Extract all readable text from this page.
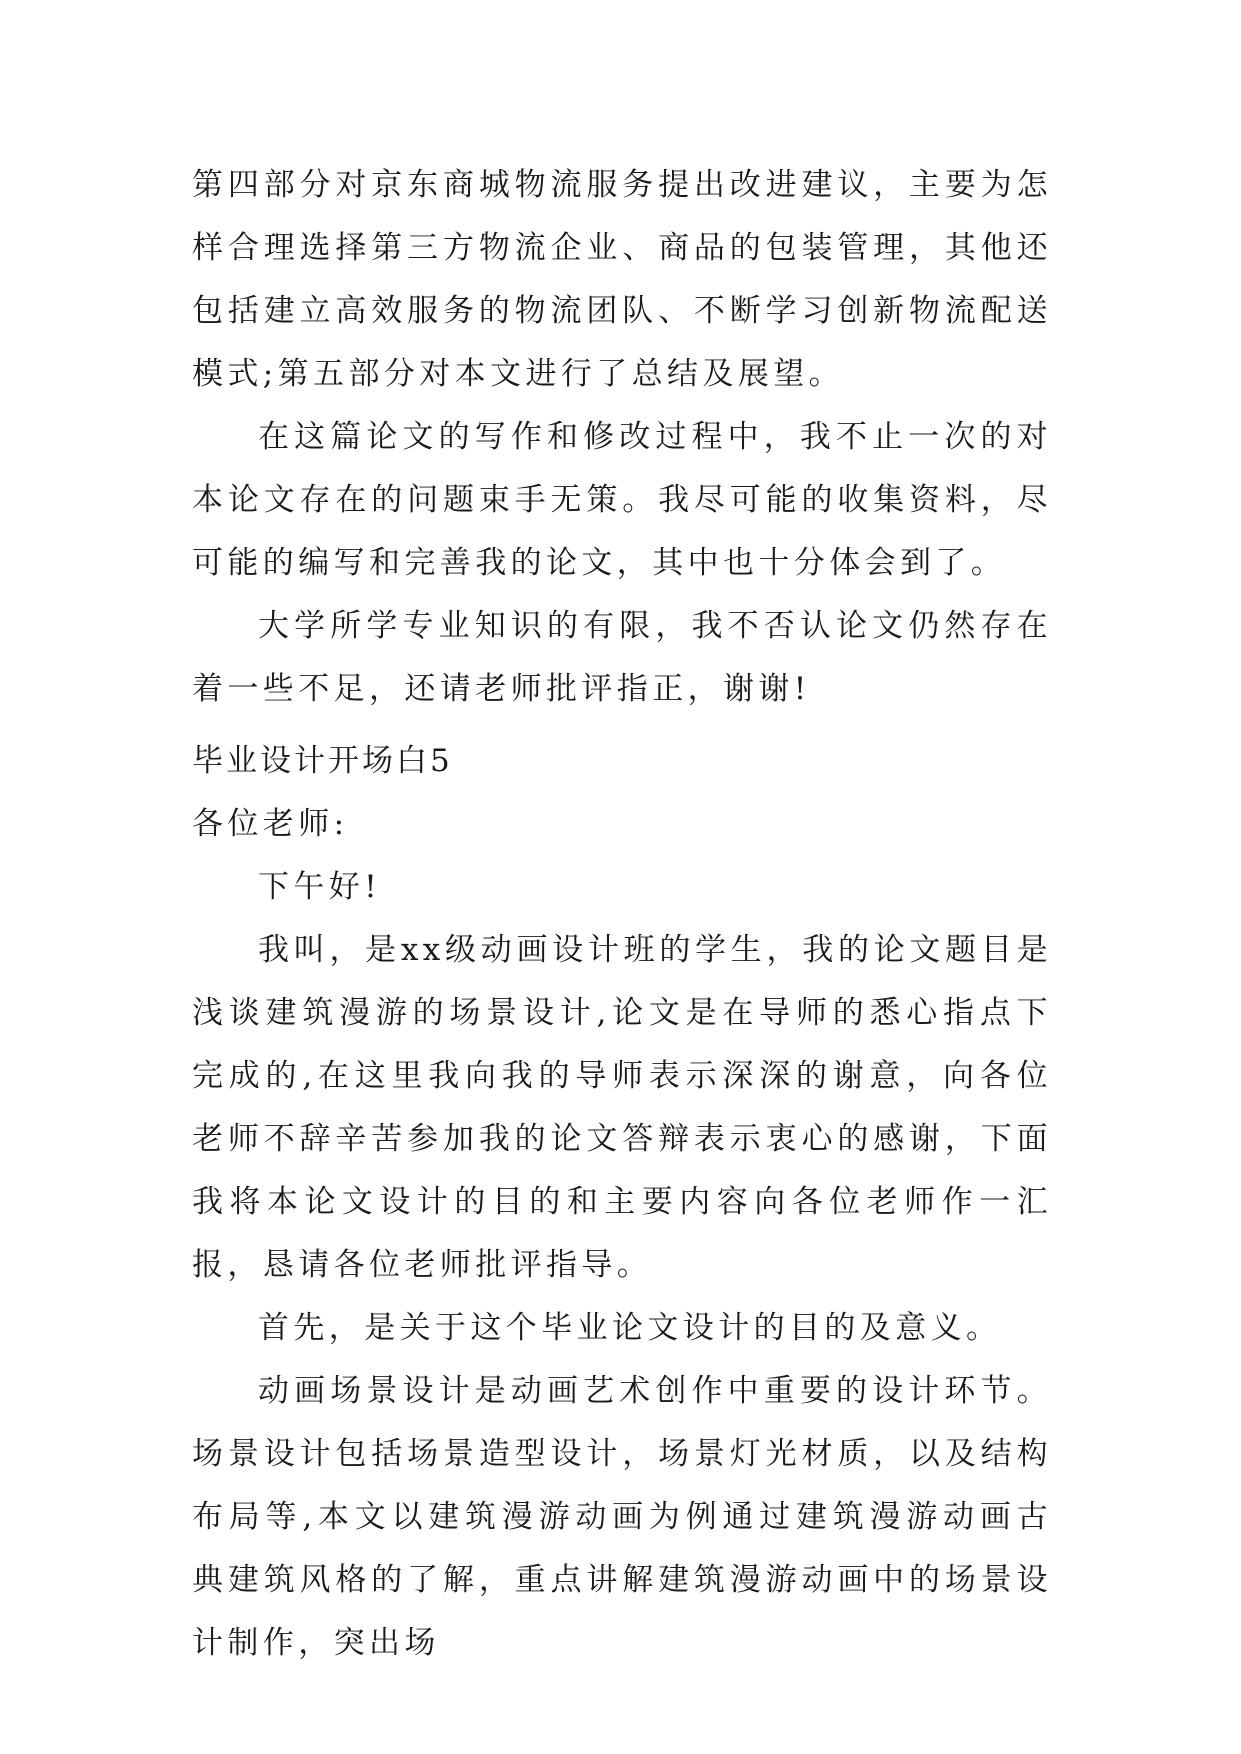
第四部分对京东商城物流服务提出改进建议，主要为怎样合理选择第三方物流企业、商品的包装管理，其他还包括建立高效服务的物流团队、不断学习创新物流配送模式;第五部分对本文进行了总结及展望。

在这篇论文的写作和修改过程中，我不止一次的对本论文存在的问题束手无策。我尽可能的收集资料，尽可能的编写和完善我的论文，其中也十分体会到了。

大学所学专业知识的有限，我不否认论文仍然存在着一些不足，还请老师批评指正，谢谢!

毕业设计开场白5

各位老师:

下午好!

我叫，是xx级动画设计班的学生，我的论文题目是浅谈建筑漫游的场景设计,论文是在导师的悉心指点下完成的,在这里我向我的导师表示深深的谢意，向各位老师不辞辛苦参加我的论文答辩表示衷心的感谢，下面我将本论文设计的目的和主要内容向各位老师作一汇报，恳请各位老师批评指导。

首先，是关于这个毕业论文设计的目的及意义。

动画场景设计是动画艺术创作中重要的设计环节。场景设计包括场景造型设计，场景灯光材质，以及结构布局等,本文以建筑漫游动画为例通过建筑漫游动画古典建筑风格的了解，重点讲解建筑漫游动画中的场景设计制作，突出场
